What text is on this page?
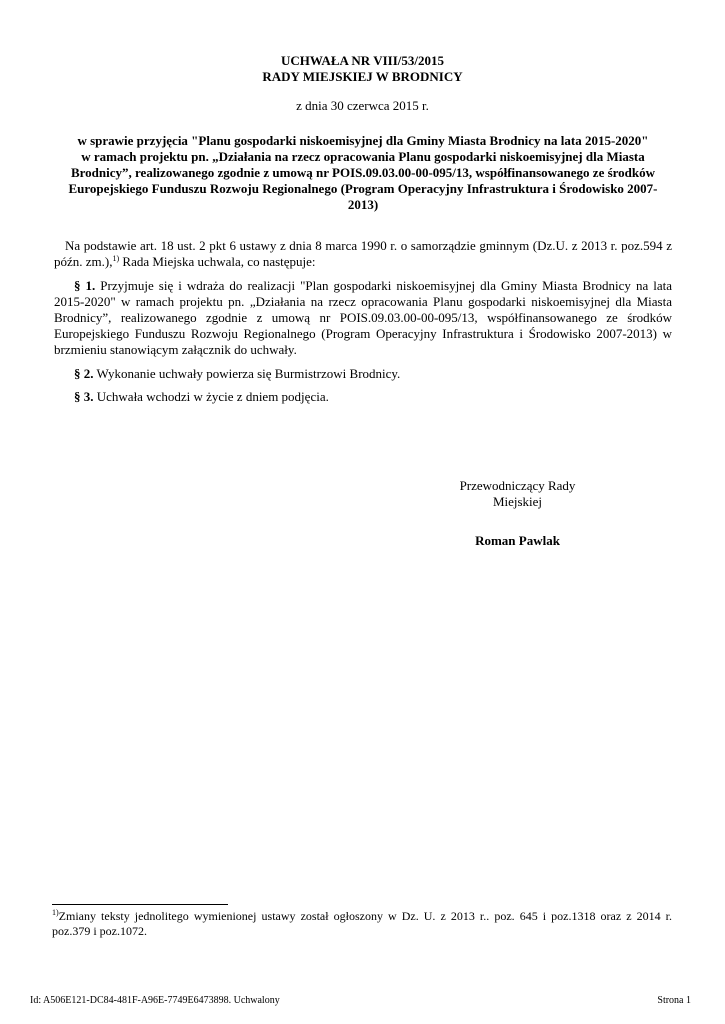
UCHWAŁA NR VIII/53/2015
RADY MIEJSKIEJ W BRODNICY
z dnia 30 czerwca 2015 r.

w sprawie przyjęcia "Planu gospodarki niskoemisyjnej dla Gminy Miasta Brodnicy na lata 2015-2020"

w ramach projektu pn. „Działania na rzecz opracowania Planu gospodarki niskoemisyjnej dla Miasta

Brodnicy”, realizowanego zgodnie z umową nr POIS.09.03.00-00-095/13, współfinansowanego ze środków

Europejskiego Funduszu Rozwoju Regionalnego (Program Operacyjny Infrastruktura i Środowisko 2007-

2013)

Na podstawie art. 18 ust. 2 pkt 6 ustawy z dnia 8 marca 1990 r. o samorządzie gminnym (Dz.U. z 2013 r. poz.594 z późn. zm.),$^{1)}$ Rada Miejska uchwala, co następuje:

§ 1. Przyjmuje się i wdraża do realizacji "Plan gospodarki niskoemisyjnej dla Gminy Miasta Brodnicy na lata 2015-2020" w ramach projektu pn. „Działania na rzecz opracowania Planu gospodarki niskoemisyjnej dla Miasta Brodnicy”, realizowanego zgodnie z umową nr POIS.09.03.00-00-095/13, współfinansowanego ze środków Europejskiego Funduszu Rozwoju Regionalnego (Program Operacyjny Infrastruktura i Środowisko 2007-2013) w brzmieniu stanowiącym załącznik do uchwały.

§ 2. Wykonanie uchwały powierza się Burmistrzowi Brodnicy.

§ 3. Uchwała wchodzi w życie z dniem podjęcia.

Przewodniczący Rady
Miejskiej
Roman Pawlak
$^{1)}$Zmiany teksty jednolitego wymienionej ustawy został ogłoszony w Dz. U. z 2013 r.. poz. 645 i poz.1318 oraz z 2014 r. poz.379 i poz.1072.
Id: A506E121-DC84-481F-A96E-7749E6473898. Uchwalony	Strona 1
